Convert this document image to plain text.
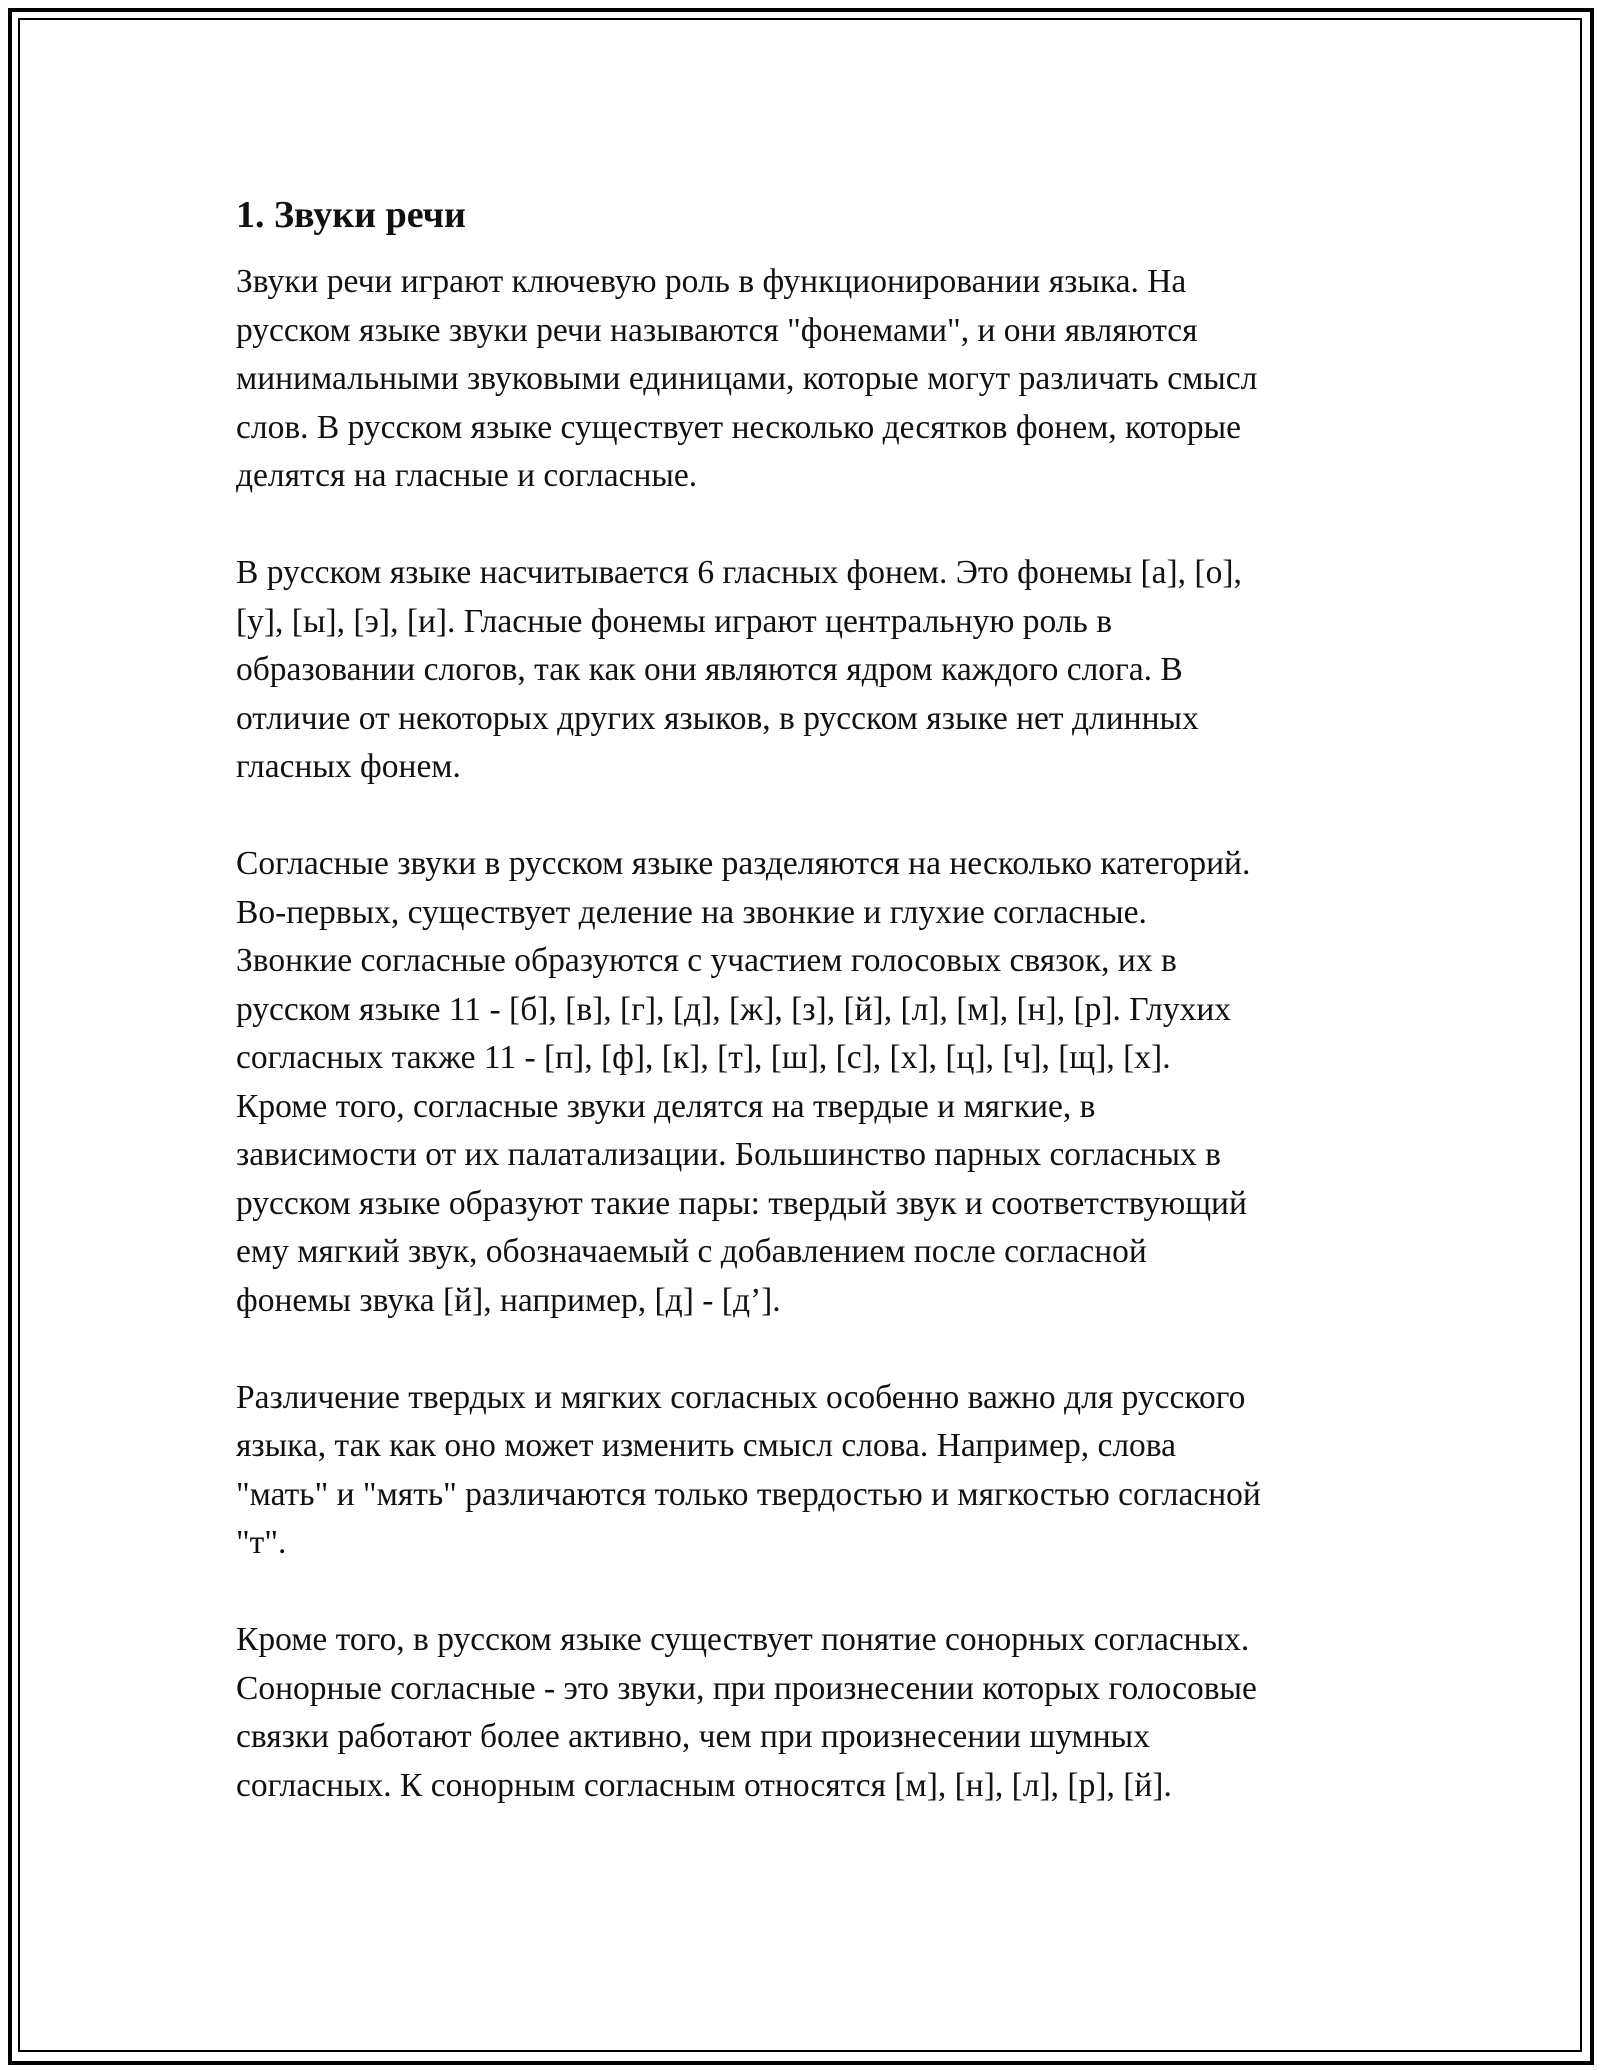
1. Звуки речи

Звуки речи играют ключевую роль в функционировании языка. На
русском языке звуки речи называются "фонемами", и они являются
минимальными звуковыми единицами, которые могут различать смысл
слов. В русском языке существует несколько десятков фонем, которые
делятся на гласные и согласные.

В русском языке насчитывается 6 гласных фонем. Это фонемы [а], [о],
[у], [ы], [э], [и]. Гласные фонемы играют центральную роль в
образовании слогов, так как они являются ядром каждого слога. В
отличие от некоторых других языков, в русском языке нет длинных
гласных фонем.

Согласные звуки в русском языке разделяются на несколько категорий.
Во-первых, существует деление на звонкие и глухие согласные.
Звонкие согласные образуются с участием голосовых связок, их в
русском языке 11 - [б], [в], [г], [д], [ж], [з], [й], [л], [м], [н], [р]. Глухих
согласных также 11 - [п], [ф], [к], [т], [ш], [с], [х], [ц], [ч], [щ], [х].
Кроме того, согласные звуки делятся на твердые и мягкие, в
зависимости от их палатализации. Большинство парных согласных в
русском языке образуют такие пары: твердый звук и соответствующий
ему мягкий звук, обозначаемый с добавлением после согласной
фонемы звука [й], например, [д] - [д’].

Различение твердых и мягких согласных особенно важно для русского
языка, так как оно может изменить смысл слова. Например, слова
"мать" и "мять" различаются только твердостью и мягкостью согласной
"т".

Кроме того, в русском языке существует понятие сонорных согласных.
Сонорные согласные - это звуки, при произнесении которых голосовые
связки работают более активно, чем при произнесении шумных
согласных. К сонорным согласным относятся [м], [н], [л], [р], [й].
